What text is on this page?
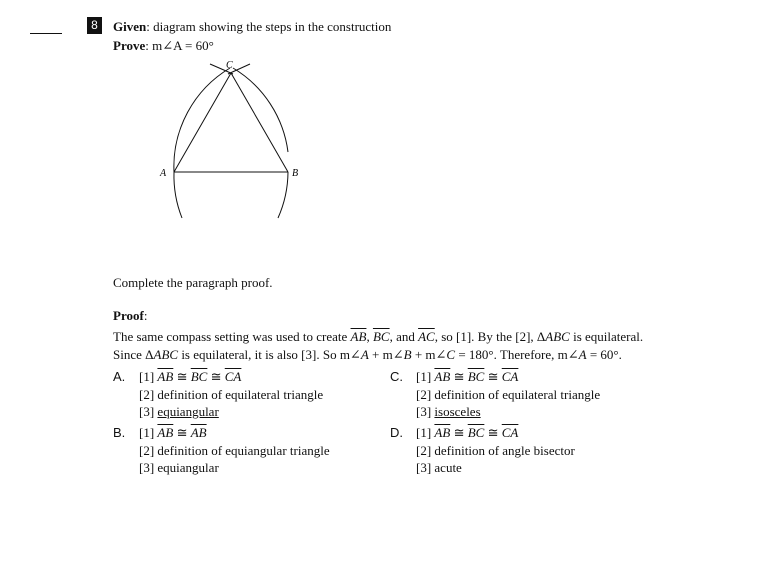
8	Given: diagram showing the steps in the construction
Prove: m∠A = 60°
A	B
C
Complete the paragraph proof.
Proof:
The same compass setting was used to create $\overline{AB}$, $\overline{BC}$, and $\overline{AC}$, so [1]. By the [2], ΔABC is equilateral.
Since ΔABC is equilateral, it is also [3]. So m∠A + m∠B + m∠C = 180°. Therefore, m∠A = 60°.
A. [1] $\overline{AB}$ ≅ $\overline{BC}$ ≅ $\overline{CA}$
[2] definition of equilateral triangle
[3] equiangular
B. [1] $\overline{AB}$ ≅ $\overline{AB}$
[2] definition of equiangular triangle
[3] equiangular
C. [1] $\overline{AB}$ ≅ $\overline{BC}$ ≅ $\overline{CA}$
[2] definition of equilateral triangle
[3] isosceles
D. [1] $\overline{AB}$ ≅ $\overline{BC}$ ≅ $\overline{CA}$
[2] definition of angle bisector
[3] acute
